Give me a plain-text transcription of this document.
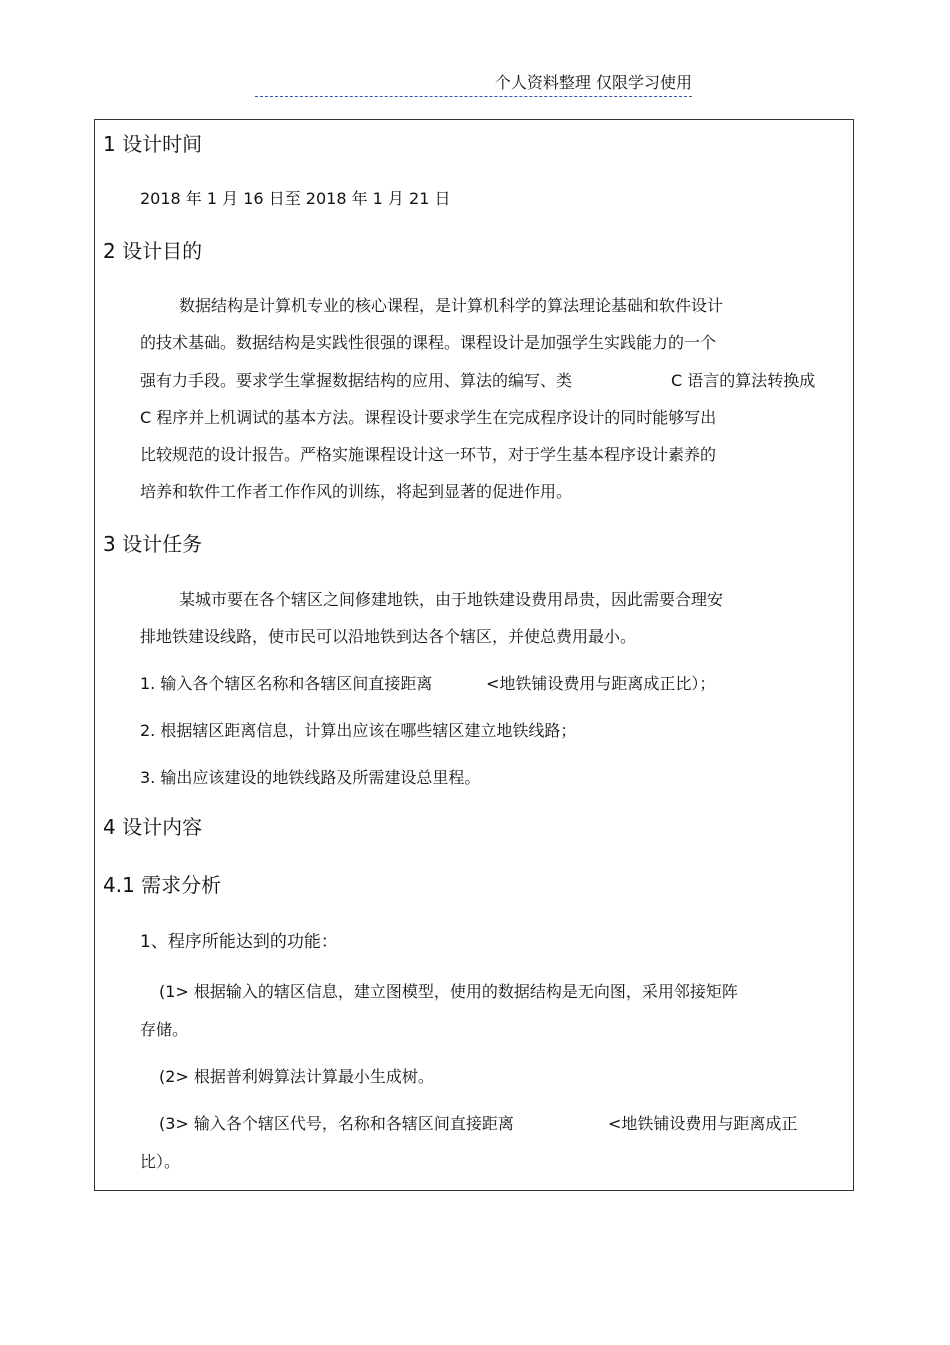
个人资料整理 仅限学习使用
1 设计时间
2018 年 1 月 16 日至 2018 年 1 月 21 日
2 设计目的
数据结构是计算机专业的核心课程，是计算机科学的算法理论基础和软件设计
的技术基础。数据结构是实践性很强的课程。课程设计是加强学生实践能力的一个
强有力手段。要求学生掌握数据结构的应用、算法的编写、类	C 语言的算法转换成
C 程序并上机调试的基本方法。课程设计要求学生在完成程序设计的同时能够写出
比较规范的设计报告。严格实施课程设计这一环节，对于学生基本程序设计素养的
培养和软件工作者工作作风的训练，将起到显著的促进作用。
3 设计任务
某城市要在各个辖区之间修建地铁，由于地铁建设费用昂贵，因此需要合理安
排地铁建设线路，使市民可以沿地铁到达各个辖区，并使总费用最小。
1. 输入各个辖区名称和各辖区间直接距离	<地铁铺设费用与距离成正比）；
2. 根据辖区距离信息，计算出应该在哪些辖区建立地铁线路；
3. 输出应该建设的地铁线路及所需建设总里程。
4 设计内容
4.1 需求分析
1、程序所能达到的功能：
(1> 根据输入的辖区信息，建立图模型，使用的数据结构是无向图，采用邻接矩阵
存储。
(2> 根据普利姆算法计算最小生成树。
(3> 输入各个辖区代号，名称和各辖区间直接距离	<地铁铺设费用与距离成正
比）。
